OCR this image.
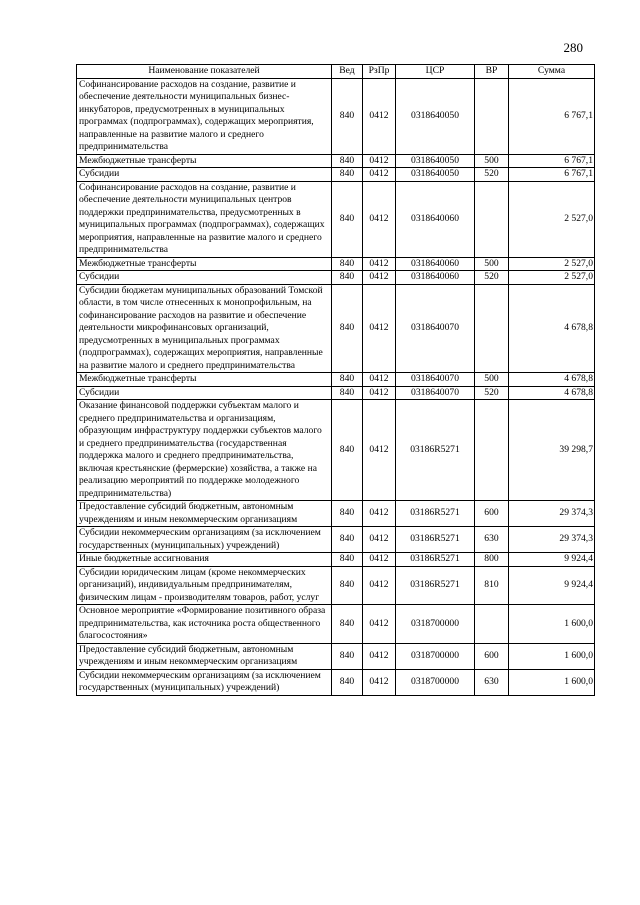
280
Наименование показателей	Вед	РзПр	ЦСР	ВР	Сумма
Софинансирование расходов на создание, развитие и обеспечение деятельности муниципальных бизнес-инкубаторов, предусмотренных в муниципальных программах (подпрограммах), содержащих мероприятия, направленные на развитие малого и среднего предпринимательства	840	0412	0318640050		6 767,1
Межбюджетные трансферты	840	0412	0318640050	500	6 767,1
Субсидии	840	0412	0318640050	520	6 767,1
Софинансирование расходов на создание, развитие и обеспечение деятельности муниципальных центров поддержки предпринимательства, предусмотренных в муниципальных программах (подпрограммах), содержащих мероприятия, направленные на развитие малого и среднего предпринимательства	840	0412	0318640060		2 527,0
Межбюджетные трансферты	840	0412	0318640060	500	2 527,0
Субсидии	840	0412	0318640060	520	2 527,0
Субсидии бюджетам муниципальных образований Томской области, в том числе отнесенных к монопрофильным, на софинансирование расходов на развитие и обеспечение деятельности микрофинансовых организаций, предусмотренных в муниципальных программах (подпрограммах), содержащих мероприятия, направленные на развитие малого и среднего предпринимательства	840	0412	0318640070		4 678,8
Межбюджетные трансферты	840	0412	0318640070	500	4 678,8
Субсидии	840	0412	0318640070	520	4 678,8
Оказание финансовой поддержки субъектам малого и среднего предпринимательства и организациям, образующим инфраструктуру поддержки субъектов малого и среднего предпринимательства (государственная поддержка малого и среднего предпринимательства, включая крестьянские (фермерские) хозяйства, а также на реализацию мероприятий по поддержке молодежного предпринимательства)	840	0412	03186R5271		39 298,7
Предоставление субсидий бюджетным, автономным учреждениям и иным некоммерческим организациям	840	0412	03186R5271	600	29 374,3
Субсидии некоммерческим организациям (за исключением государственных (муниципальных) учреждений)	840	0412	03186R5271	630	29 374,3
Иные бюджетные ассигнования	840	0412	03186R5271	800	9 924,4
Субсидии юридическим лицам (кроме некоммерческих организаций), индивидуальным предпринимателям, физическим лицам - производителям товаров, работ, услуг	840	0412	03186R5271	810	9 924,4
Основное мероприятие «Формирование позитивного образа предпринимательства, как источника роста общественного благосостояния»	840	0412	0318700000		1 600,0
Предоставление субсидий бюджетным, автономным учреждениям и иным некоммерческим организациям	840	0412	0318700000	600	1 600,0
Субсидии некоммерческим организациям (за исключением государственных (муниципальных) учреждений)	840	0412	0318700000	630	1 600,0
